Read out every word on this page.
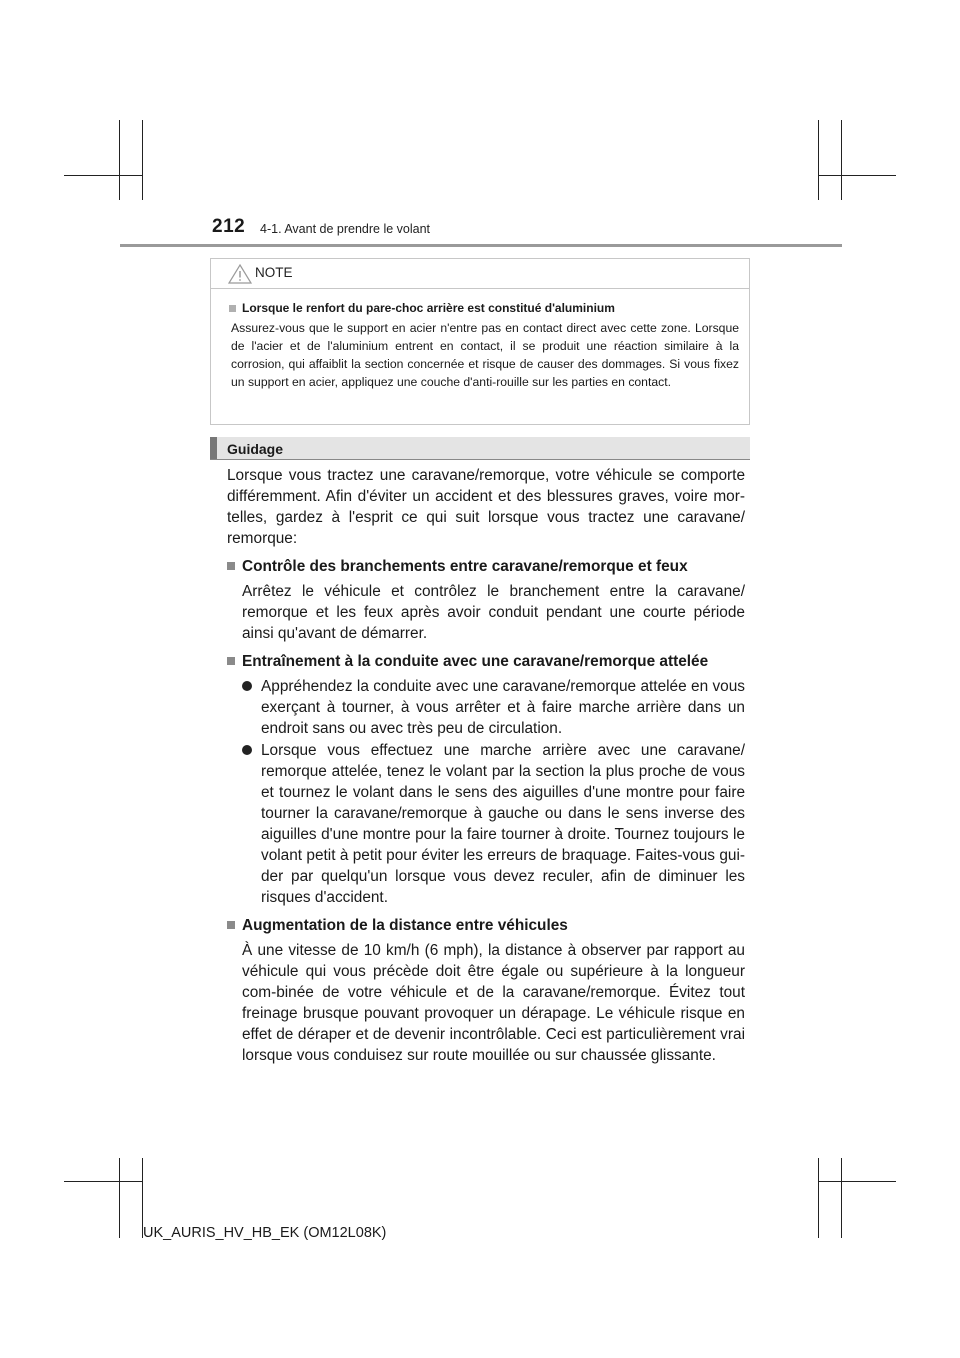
212 4-1. Avant de prendre le volant
NOTE
Lorsque le renfort du pare-choc arrière est constitué d'aluminium
Assurez-vous que le support en acier n'entre pas en contact direct avec cette zone. Lorsque de l'acier et de l'aluminium entrent en contact, il se produit une réaction similaire à la corrosion, qui affaiblit la section concernée et risque de causer des dommages. Si vous fixez un support en acier, appliquez une couche d'anti-rouille sur les parties en contact.
Guidage

Lorsque vous tractez une caravane/remorque, votre véhicule se comporte différemment. Afin d'éviter un accident et des blessures graves, voire mor-telles, gardez à l'esprit ce qui suit lorsque vous tractez une caravane/ remorque:

Contrôle des branchements entre caravane/remorque et feux
Arrêtez le véhicule et contrôlez le branchement entre la caravane/ remorque et les feux après avoir conduit pendant une courte période ainsi qu'avant de démarrer.
Entraînement à la conduite avec une caravane/remorque attelée
Appréhendez la conduite avec une caravane/remorque attelée en vous exerçant à tourner, à vous arrêter et à faire marche arrière dans un endroit sans ou avec très peu de circulation.
Lorsque vous effectuez une marche arrière avec une caravane/ remorque attelée, tenez le volant par la section la plus proche de vous et tournez le volant dans le sens des aiguilles d'une montre pour faire tourner la caravane/remorque à gauche ou dans le sens inverse des aiguilles d'une montre pour la faire tourner à droite. Tournez toujours le volant petit à petit pour éviter les erreurs de braquage. Faites-vous gui-der par quelqu'un lorsque vous devez reculer, afin de diminuer les risques d'accident.
Augmentation de la distance entre véhicules
À une vitesse de 10 km/h (6 mph), la distance à observer par rapport au véhicule qui vous précède doit être égale ou supérieure à la longueur com-binée de votre véhicule et de la caravane/remorque. Évitez tout freinage brusque pouvant provoquer un dérapage. Le véhicule risque en effet de déraper et de devenir incontrôlable. Ceci est particulièrement vrai lorsque vous conduisez sur route mouillée ou sur chaussée glissante.
UK_AURIS_HV_HB_EK (OM12L08K)
